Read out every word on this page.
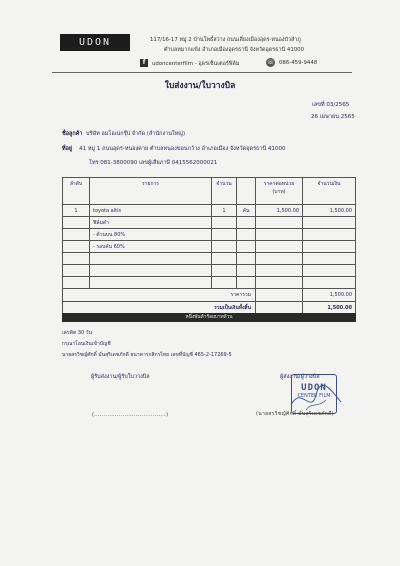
UDON	117/16-17 หมู่ 2 บ้านโพธิ์สว่าง ถนนเลี่ยงเมืองอุดร-หนองบัวลำภู
ตำบลหมากแข้ง อำเภอเมืองอุดรธานี จังหวัดอุดรธานี 41000
f	udoncenterfilm - อุดรเซ็นเตอร์ฟิล์ม	☏ 086-459-9448
ใบส่งงาน/ใบวางบิล
เลขที่ 03/2565
26 เมษายน 2565
ชื่อลูกค้า บริษัท อมโอเน่กรุ๊ป จำกัด (สำนักงานใหญ่)
ที่อยู่ 41 หมู่ 1 ถนนอุดร-หนองคาย ตำบลหนองขอนกว้าง อำเภอเมือง จังหวัดอุดรธานี 41000
โทร 081-3800090 เลขผู้เสียภาษี 0415562000021
ลำดับ	รายการ	จำนวน		ราคาต่อหน่วย (บาท)	จำนวนเงิน
1	toyota altis	1	คัน	1,500.00	1,500.00
	ฟิล์มดำ				
	- ด้านบน 80%				
	- รอบคัน 60%				

ราคารวม					1,500.00
รวมเป็นเงินทั้งสิ้น					1,500.00
หนึ่งพันห้าร้อยบาทถ้วน
เครดิต 30 วัน
กรุณาโอนเงินเข้าบัญชี
นายสรวิชญ์ศักดิ์ มั่นสุริเดชภักดี ธนาคารกสิกรไทย เลขที่บัญชี 465-2-17269-5
ผู้รับส่งงาน/ผู้รับใบวางบิล	ผู้ส่งงาน/ผู้วางบิล
UDON
CENTER FILM
(......................................)	(นายสรวิชญ์ศักดิ์ มั่นสุริเดชภักดี)
